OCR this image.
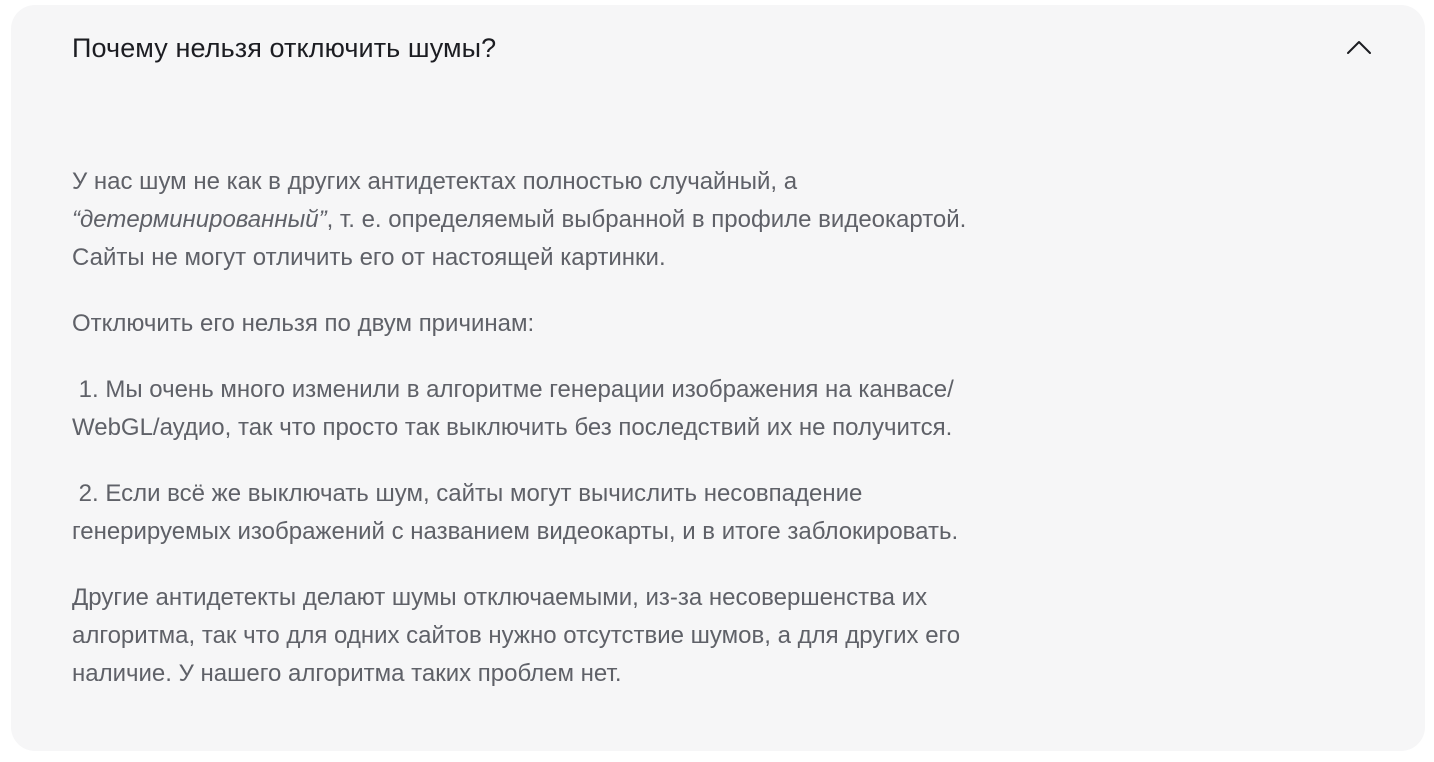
Почему нельзя отключить шумы?

У нас шум не как в других антидетектах полностью случайный, а

“детерминированный”, т. е. определяемый выбранной в профиле видеокартой.

Сайты не могут отличить его от настоящей картинки.

Отключить его нельзя по двум причинам:

1. Мы очень много изменили в алгоритме генерации изображения на канвасе/

WebGL/аудио, так что просто так выключить без последствий их не получится.

2. Если всё же выключать шум, сайты могут вычислить несовпадение

генерируемых изображений с названием видеокарты, и в итоге заблокировать.

Другие антидетекты делают шумы отключаемыми, из-за несовершенства их

алгоритма, так что для одних сайтов нужно отсутствие шумов, а для других его

наличие. У нашего алгоритма таких проблем нет.
